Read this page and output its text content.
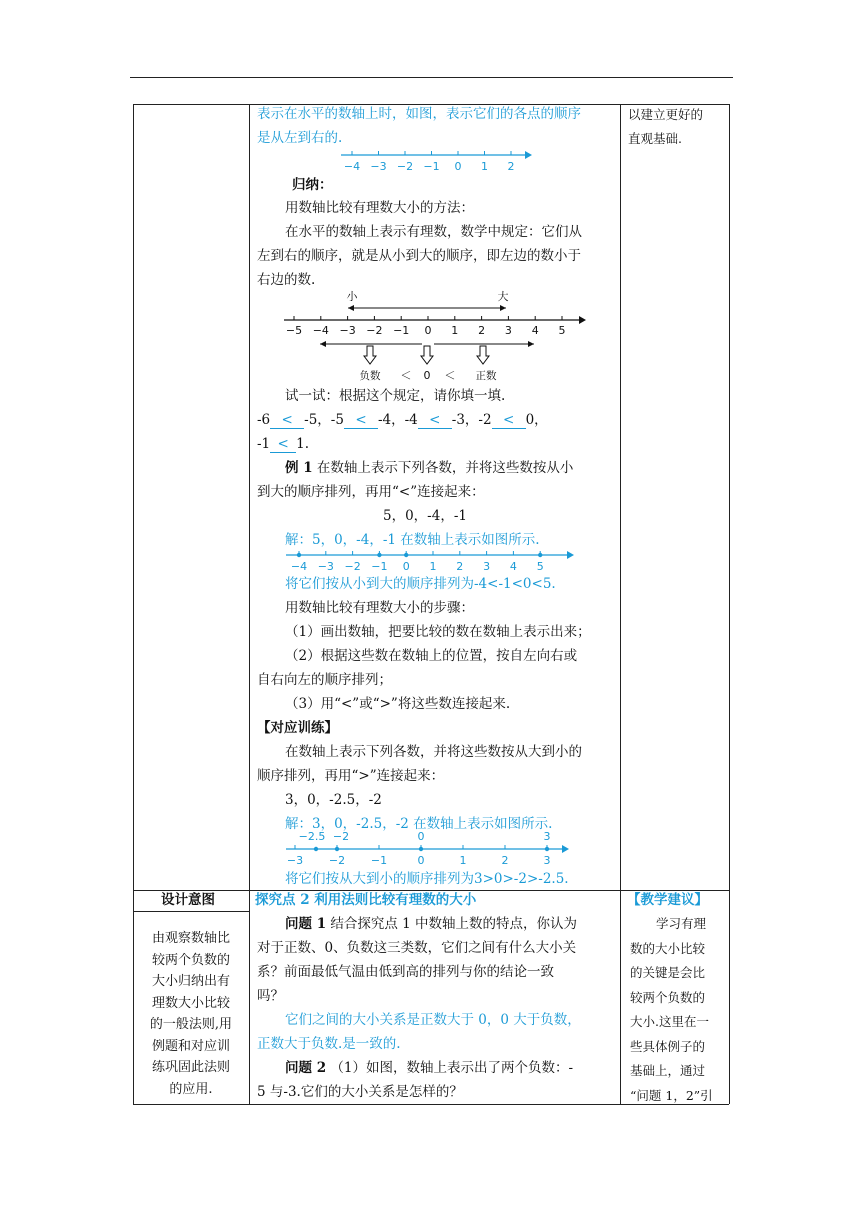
表示在水平的数轴上时，如图，表示它们的各点的顺序
是从左到右的.
−4 −3 −2 −1 0 1 2
归纳：
用数轴比较有理数大小的方法：
在水平的数轴上表示有理数，数学中规定：它们从
左到右的顺序，就是从小到大的顺序，即左边的数小于
右边的数.
小	大
−5 −4 −3 −2 −1 0 1 2 3 4 5
负数 ＜ 0 ＜ 正数
试一试：根据这个规定，请你填一填.
-6 < -5，-5 < -4，-4 < -3，-2 < 0，
-1 < 1.
例 1 在数轴上表示下列各数，并将这些数按从小
到大的顺序排列，再用“<”连接起来：
5，0，-4，-1
解：5，0，-4，-1 在数轴上表示如图所示.
−4 −3 −2 −1 0 1 2 3 4 5
将它们按从小到大的顺序排列为-4<-1<0<5.
用数轴比较有理数大小的步骤：
（1）画出数轴，把要比较的数在数轴上表示出来；
（2）根据这些数在数轴上的位置，按自左向右或
自右向左的顺序排列；
（3）用“<”或“>”将这些数连接起来.
【对应训练】
在数轴上表示下列各数，并将这些数按从大到小的
顺序排列，再用“>”连接起来：
3，0，-2.5，-2
解：3，0，-2.5，-2 在数轴上表示如图所示.
−3 −2 −1	0	1	2	3
−2.5 −2	0	3
将它们按从大到小的顺序排列为3>0>-2>-2.5.
以建立更好的
直观基础.
设计意图
由观察数轴比
较两个负数的
大小归纳出有
理数大小比较
的一般法则,用
例题和对应训
练巩固此法则
的应用.
探究点 2 利用法则比较有理数的大小
问题 1 结合探究点 1 中数轴上数的特点，你认为
对于正数、0、负数这三类数，它们之间有什么大小关
系？前面最低气温由低到高的排列与你的结论一致
吗？
它们之间的大小关系是正数大于 0，0 大于负数，
正数大于负数.是一致的.
问题 2 （1）如图，数轴上表示出了两个负数：-
5 与-3.它们的大小关系是怎样的？
【教学建议】
学习有理
数的大小比较
的关键是会比
较两个负数的
大小.这里在一
些具体例子的
基础上，通过
“问题 1，2”引
